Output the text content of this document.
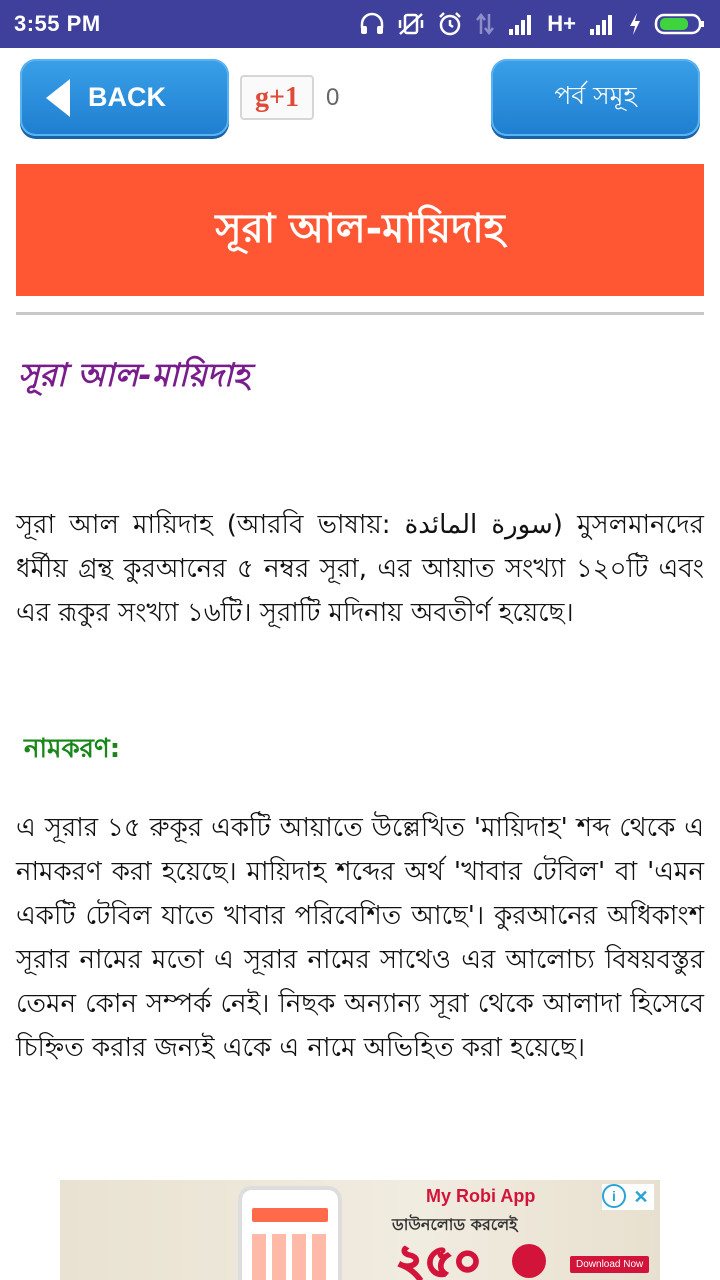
3:55 PM	H+
BACK	g+1	0	পর্ব সমূহ
সূরা আল-মায়িদাহ
সূরা আল-মায়িদাহ

সূরা আল মায়িদাহ (আরবি ভাষায়: سورة المائدة) মুসলমানদের ধর্মীয় গ্রন্থ কুরআনের ৫ নম্বর সূরা, এর আয়াত সংখ্যা ১২০টি এবং এর রূকুর সংখ্যা ১৬টি। সূরাটি মদিনায় অবতীর্ণ হয়েছে।

নামকরণ:

এ সূরার ১৫ রুকূর একটি আয়াতে উল্লেখিত 'মায়িদাহ' শব্দ থেকে এ নামকরণ করা হয়েছে। মায়িদাহ শব্দের অর্থ 'খাবার টেবিল' বা 'এমন একটি টেবিল যাতে খাবার পরিবেশিত আছে'। কুরআনের অধিকাংশ সূরার নামের মতো এ সূরার নামের সাথেও এর আলোচ্য বিষয়বস্তুর তেমন কোন সম্পর্ক নেই। নিছক অন্যান্য সূরা থেকে আলাদা হিসেবে চিহ্নিত করার জন্যই একে এ নামে অভিহিত করা হয়েছে।

My Robi App
ডাউনলোড করলেই
২৫০	Download Now
i ✕
